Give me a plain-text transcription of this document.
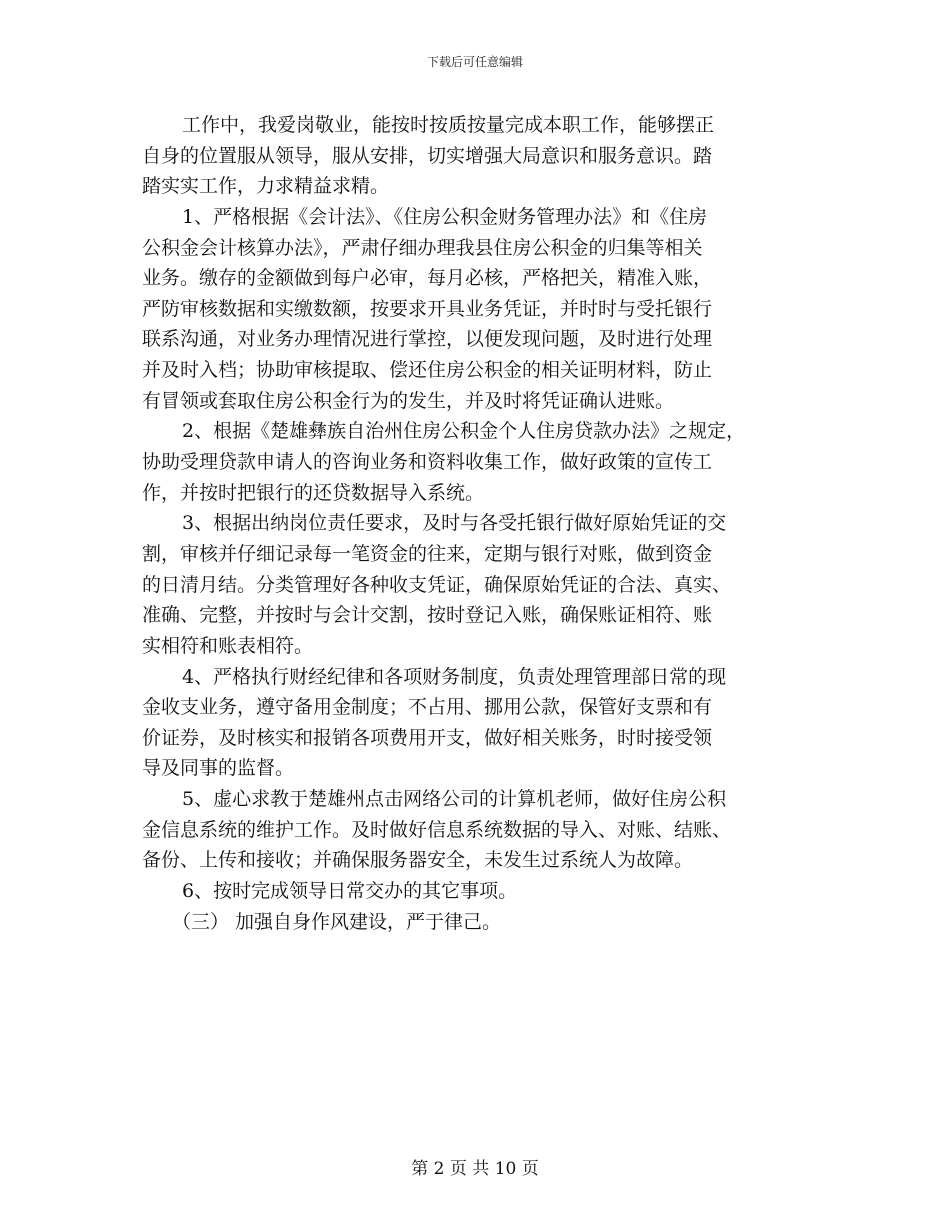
下载后可任意编辑
工作中，我爱岗敬业，能按时按质按量完成本职工作，能够摆正
自身的位置服从领导，服从安排，切实增强大局意识和服务意识。踏
踏实实工作，力求精益求精。
1、严格根据《会计法》、《住房公积金财务管理办法》和《住房
公积金会计核算办法》，严肃仔细办理我县住房公积金的归集等相关
业务。缴存的金额做到每户必审，每月必核，严格把关，精准入账，
严防审核数据和实缴数额，按要求开具业务凭证，并时时与受托银行
联系沟通，对业务办理情况进行掌控，以便发现问题，及时进行处理
并及时入档；协助审核提取、偿还住房公积金的相关证明材料，防止
有冒领或套取住房公积金行为的发生，并及时将凭证确认进账。
2、根据《楚雄彝族自治州住房公积金个人住房贷款办法》之规定，
协助受理贷款申请人的咨询业务和资料收集工作，做好政策的宣传工
作，并按时把银行的还贷数据导入系统。
3、根据出纳岗位责任要求，及时与各受托银行做好原始凭证的交
割，审核并仔细记录每一笔资金的往来，定期与银行对账，做到资金
的日清月结。分类管理好各种收支凭证，确保原始凭证的合法、真实、
准确、完整，并按时与会计交割，按时登记入账，确保账证相符、账
实相符和账表相符。
4、严格执行财经纪律和各项财务制度，负责处理管理部日常的现
金收支业务，遵守备用金制度；不占用、挪用公款，保管好支票和有
价证券，及时核实和报销各项费用开支，做好相关账务，时时接受领
导及同事的监督。
5、虚心求教于楚雄州点击网络公司的计算机老师，做好住房公积
金信息系统的维护工作。及时做好信息系统数据的导入、对账、结账、
备份、上传和接收；并确保服务器安全，未发生过系统人为故障。
6、按时完成领导日常交办的其它事项。
（三） 加强自身作风建设，严于律己。
第 2 页 共 10 页
